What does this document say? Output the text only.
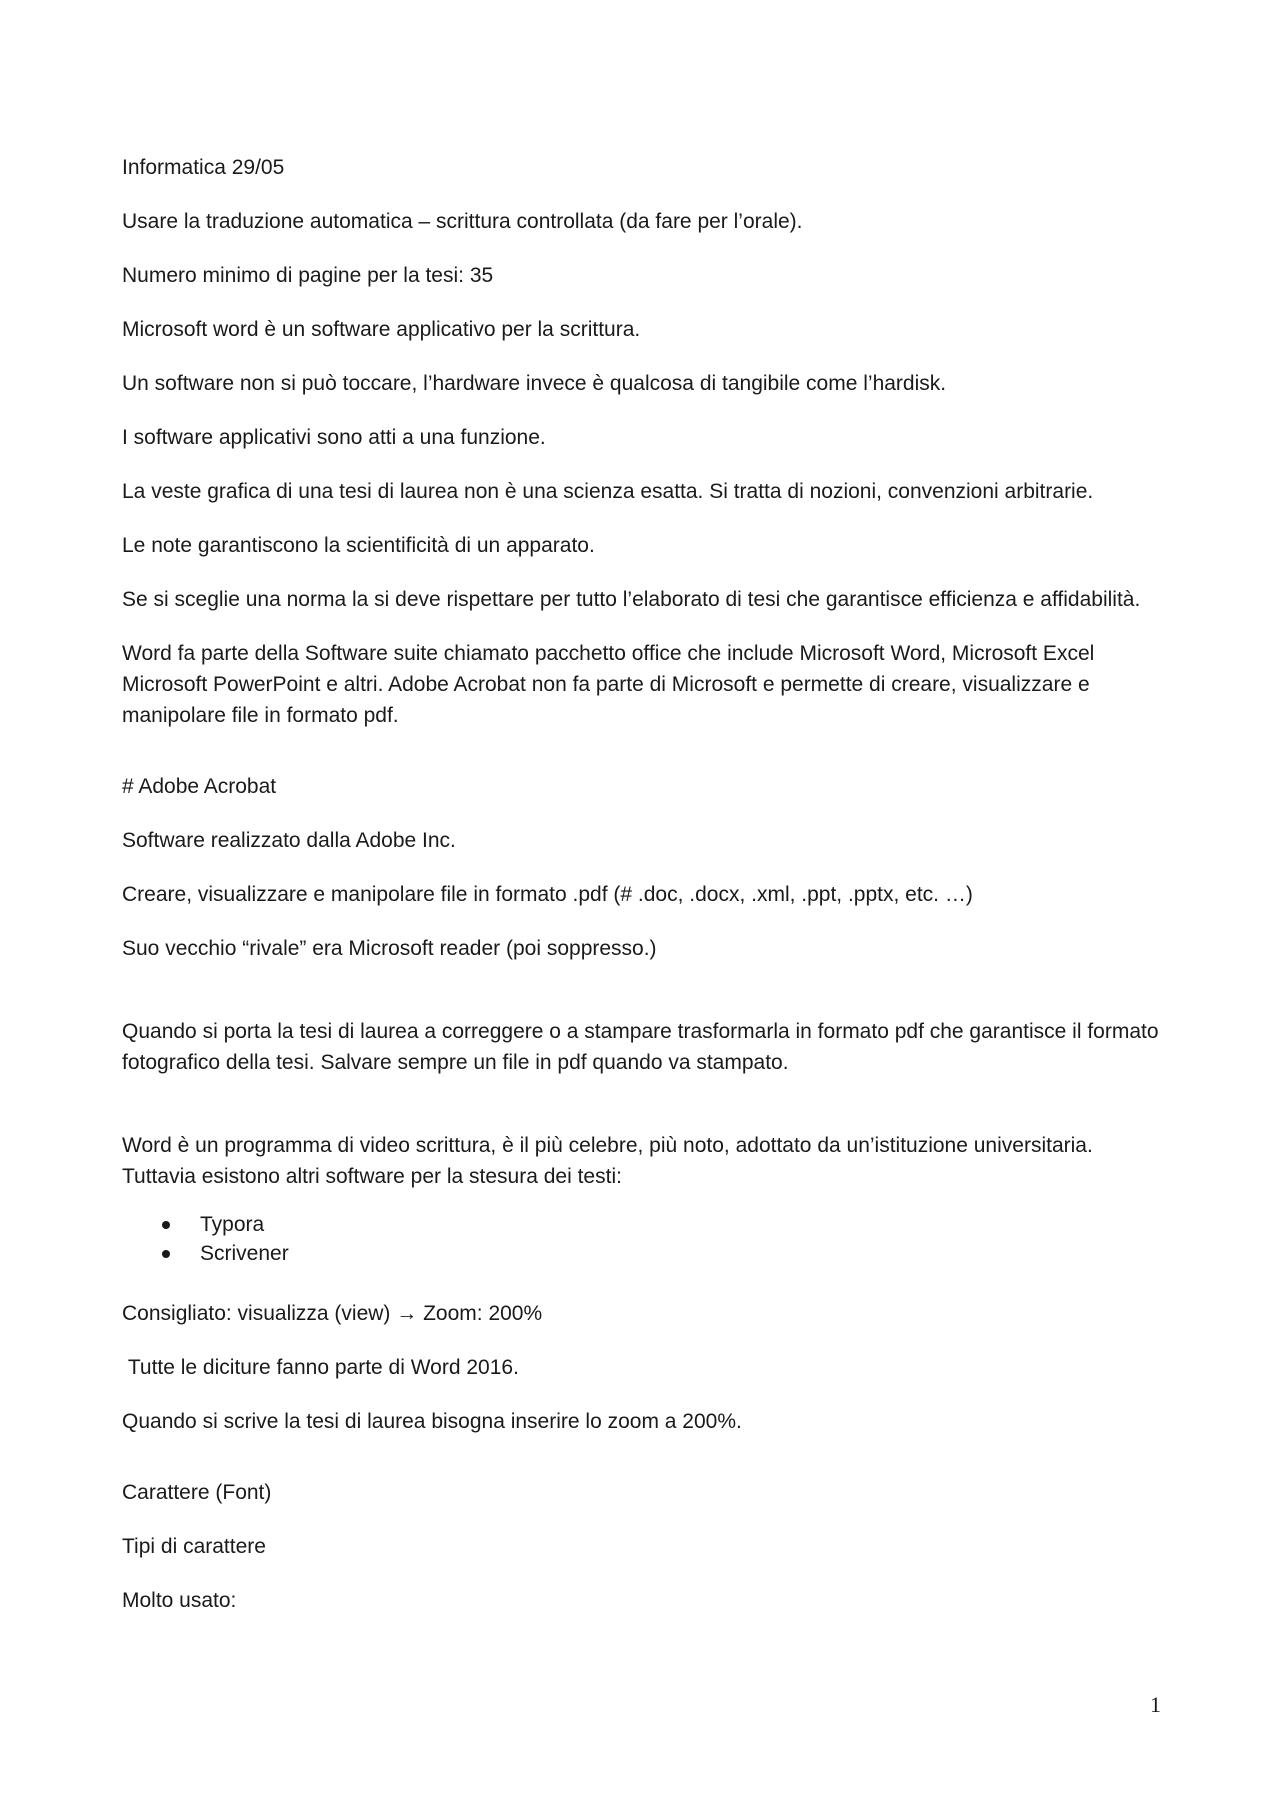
Informatica 29/05

Usare la traduzione automatica – scrittura controllata (da fare per l’orale).

Numero minimo di pagine per la tesi: 35

Microsoft word è un software applicativo per la scrittura.

Un software non si può toccare, l’hardware invece è qualcosa di tangibile come l’hardisk.

I software applicativi sono atti a una funzione.

La veste grafica di una tesi di laurea non è una scienza esatta. Si tratta di nozioni, convenzioni arbitrarie.

Le note garantiscono la scientificità di un apparato.

Se si sceglie una norma la si deve rispettare per tutto l’elaborato di tesi che garantisce efficienza e affidabilità.

Word fa parte della Software suite chiamato pacchetto office che include Microsoft Word, Microsoft Excel Microsoft PowerPoint e altri. Adobe Acrobat non fa parte di Microsoft e permette di creare, visualizzare e manipolare file in formato pdf.

# Adobe Acrobat

Software realizzato dalla Adobe Inc.

Creare, visualizzare e manipolare file in formato .pdf (# .doc, .docx, .xml, .ppt, .pptx, etc. …)

Suo vecchio “rivale” era Microsoft reader (poi soppresso.)

Quando si porta la tesi di laurea a correggere o a stampare trasformarla in formato pdf che garantisce il formato fotografico della tesi. Salvare sempre un file in pdf quando va stampato.

Word è un programma di video scrittura, è il più celebre, più noto, adottato da un’istituzione universitaria. Tuttavia esistono altri software per la stesura dei testi:

Typora
Scrivener

Consigliato: visualizza (view) → Zoom: 200%

Tutte le diciture fanno parte di Word 2016.

Quando si scrive la tesi di laurea bisogna inserire lo zoom a 200%.

Carattere (Font)

Tipi di carattere

Molto usato:

1
